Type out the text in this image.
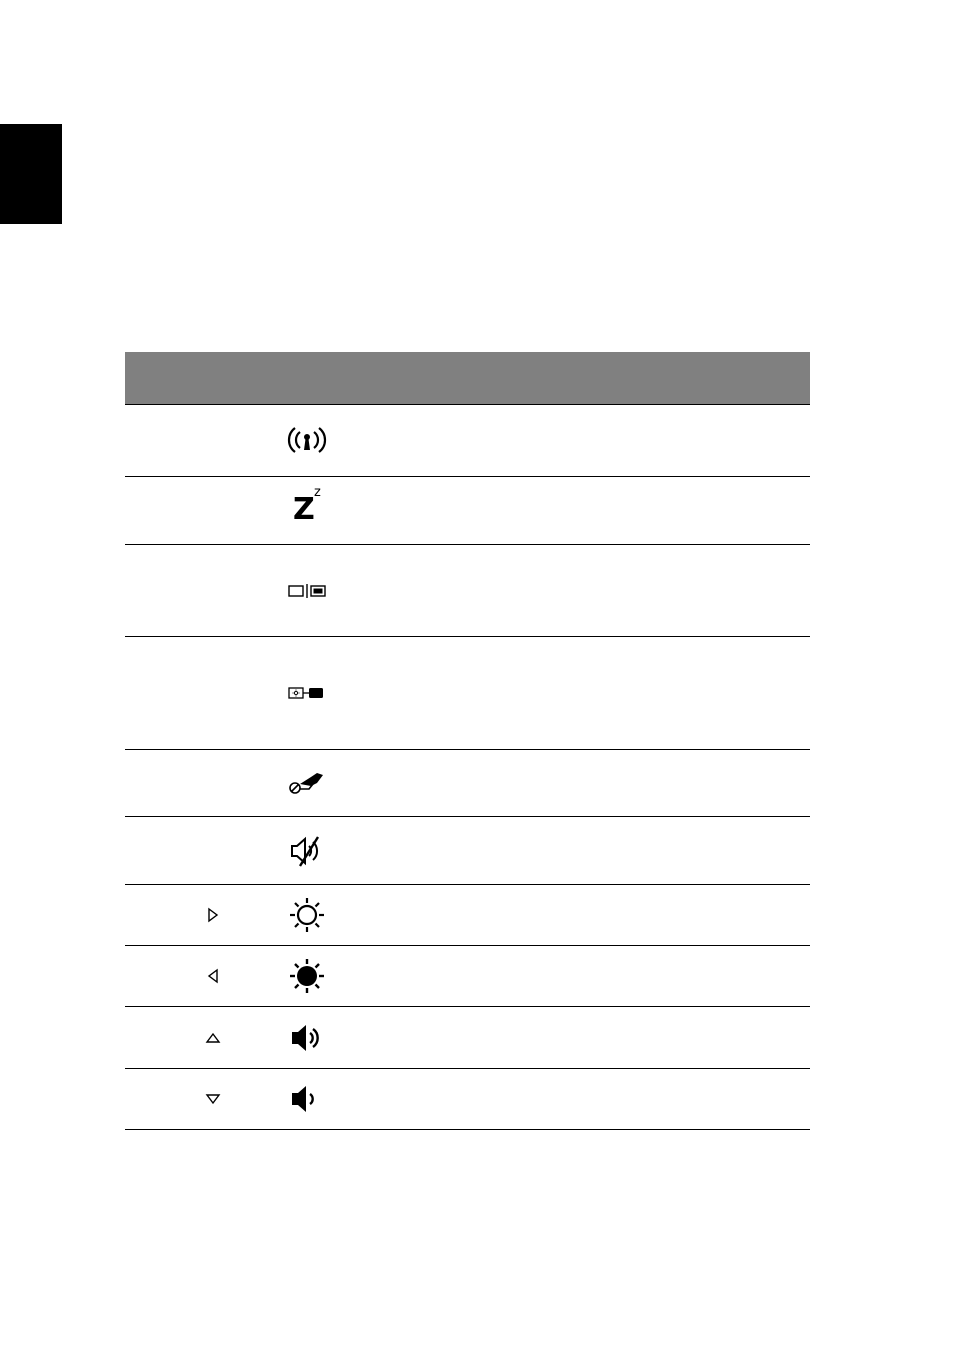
Z z
